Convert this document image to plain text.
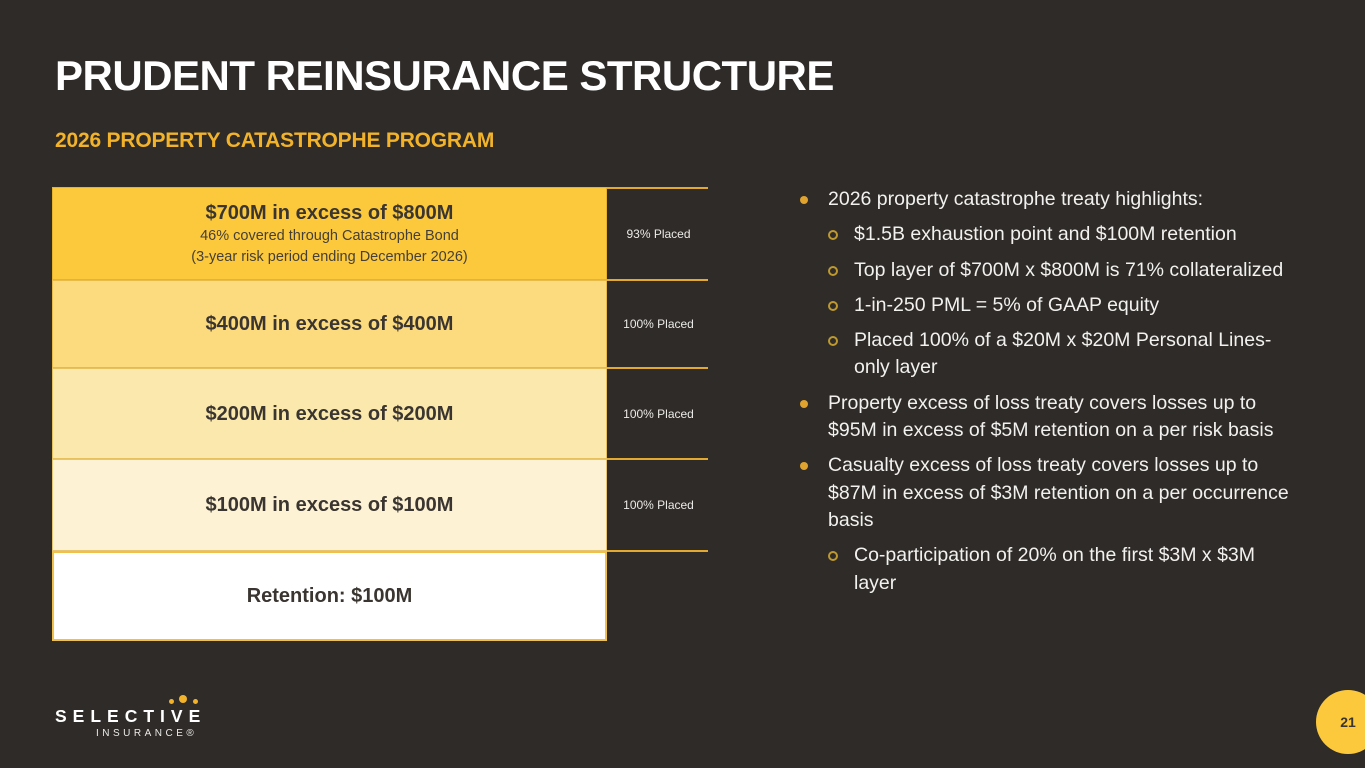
PRUDENT REINSURANCE STRUCTURE
2026 PROPERTY CATASTROPHE PROGRAM
$700M in excess of $800M
46% covered through Catastrophe Bond
(3-year risk period ending December 2026)
$400M in excess of $400M
$200M in excess of $200M
$100M in excess of $100M
Retention: $100M
93% Placed
100% Placed
100% Placed
100% Placed
2026 property catastrophe treaty highlights:
$1.5B exhaustion point and $100M retention
Top layer of $700M x $800M is 71% collateralized
1-in-250 PML = 5% of GAAP equity
Placed 100% of a $20M x $20M Personal Lines-only layer
Property excess of loss treaty covers losses up to $95M in excess of $5M retention on a per risk basis
Casualty excess of loss treaty covers losses up to $87M in excess of $3M retention on a per occurrence basis
Co-participation of 20% on the first $3M x $3M layer
SELECTIVE
INSURANCE®
21
